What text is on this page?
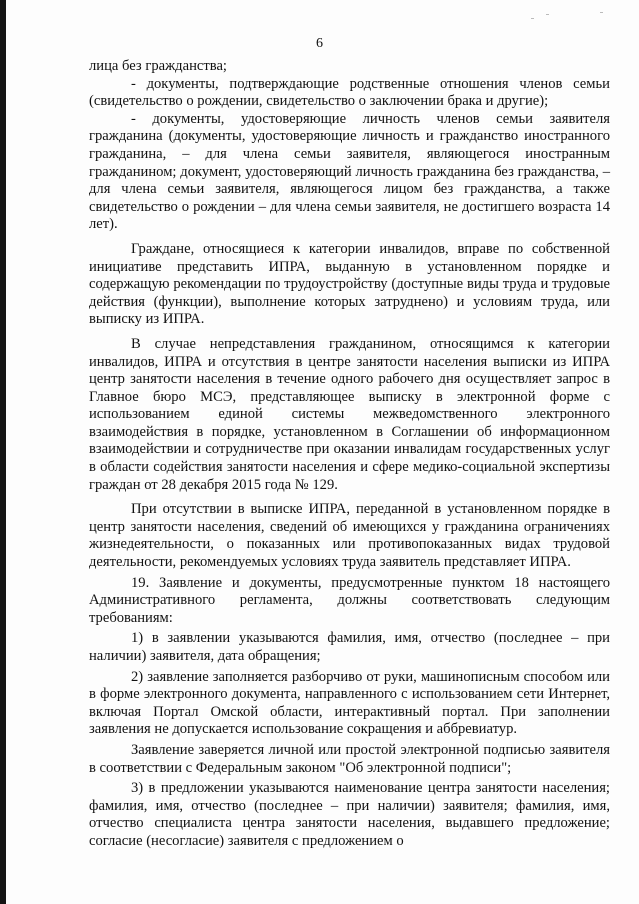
6

лица без гражданства;

- документы, подтверждающие родственные отношения членов семьи (свидетельство о рождении, свидетельство о заключении брака и другие);

- документы, удостоверяющие личность членов семьи заявителя гражданина (документы, удостоверяющие личность и гражданство иностранного гражданина, – для члена семьи заявителя, являющегося иностранным гражданином; документ, удостоверяющий личность гражданина без гражданства, – для члена семьи заявителя, являющегося лицом без гражданства, а также свидетельство о рождении – для члена семьи заявителя, не достигшего возраста 14 лет).

Граждане, относящиеся к категории инвалидов, вправе по собственной инициативе представить ИПРА, выданную в установленном порядке и содержащую рекомендации по трудоустройству (доступные виды труда и трудовые действия (функции), выполнение которых затруднено) и условиям труда, или выписку из ИПРА.

В случае непредставления гражданином, относящимся к категории инвалидов, ИПРА и отсутствия в центре занятости населения выписки из ИПРА центр занятости населения в течение одного рабочего дня осуществляет запрос в Главное бюро МСЭ, представляющее выписку в электронной форме с использованием единой системы межведомственного электронного взаимодействия в порядке, установленном в Соглашении об информационном взаимодействии и сотрудничестве при оказании инвалидам государственных услуг в области содействия занятости населения и сфере медико-социальной экспертизы граждан от 28 декабря 2015 года № 129.

При отсутствии в выписке ИПРА, переданной в установленном порядке в центр занятости населения, сведений об имеющихся у гражданина ограничениях жизнедеятельности, о показанных или противопоказанных видах трудовой деятельности, рекомендуемых условиях труда заявитель представляет ИПРА.

19. Заявление и документы, предусмотренные пунктом 18 настоящего Административного регламента, должны соответствовать следующим требованиям:

1) в заявлении указываются фамилия, имя, отчество (последнее – при наличии) заявителя, дата обращения;

2) заявление заполняется разборчиво от руки, машинописным способом или в форме электронного документа, направленного с использованием сети Интернет, включая Портал Омской области, интерактивный портал. При заполнении заявления не допускается использование сокращения и аббревиатур.

Заявление заверяется личной или простой электронной подписью заявителя в соответствии с Федеральным законом "Об электронной подписи";

3) в предложении указываются наименование центра занятости населения; фамилия, имя, отчество (последнее – при наличии) заявителя; фамилия, имя, отчество специалиста центра занятости населения, выдавшего предложение; согласие (несогласие) заявителя с предложением о
